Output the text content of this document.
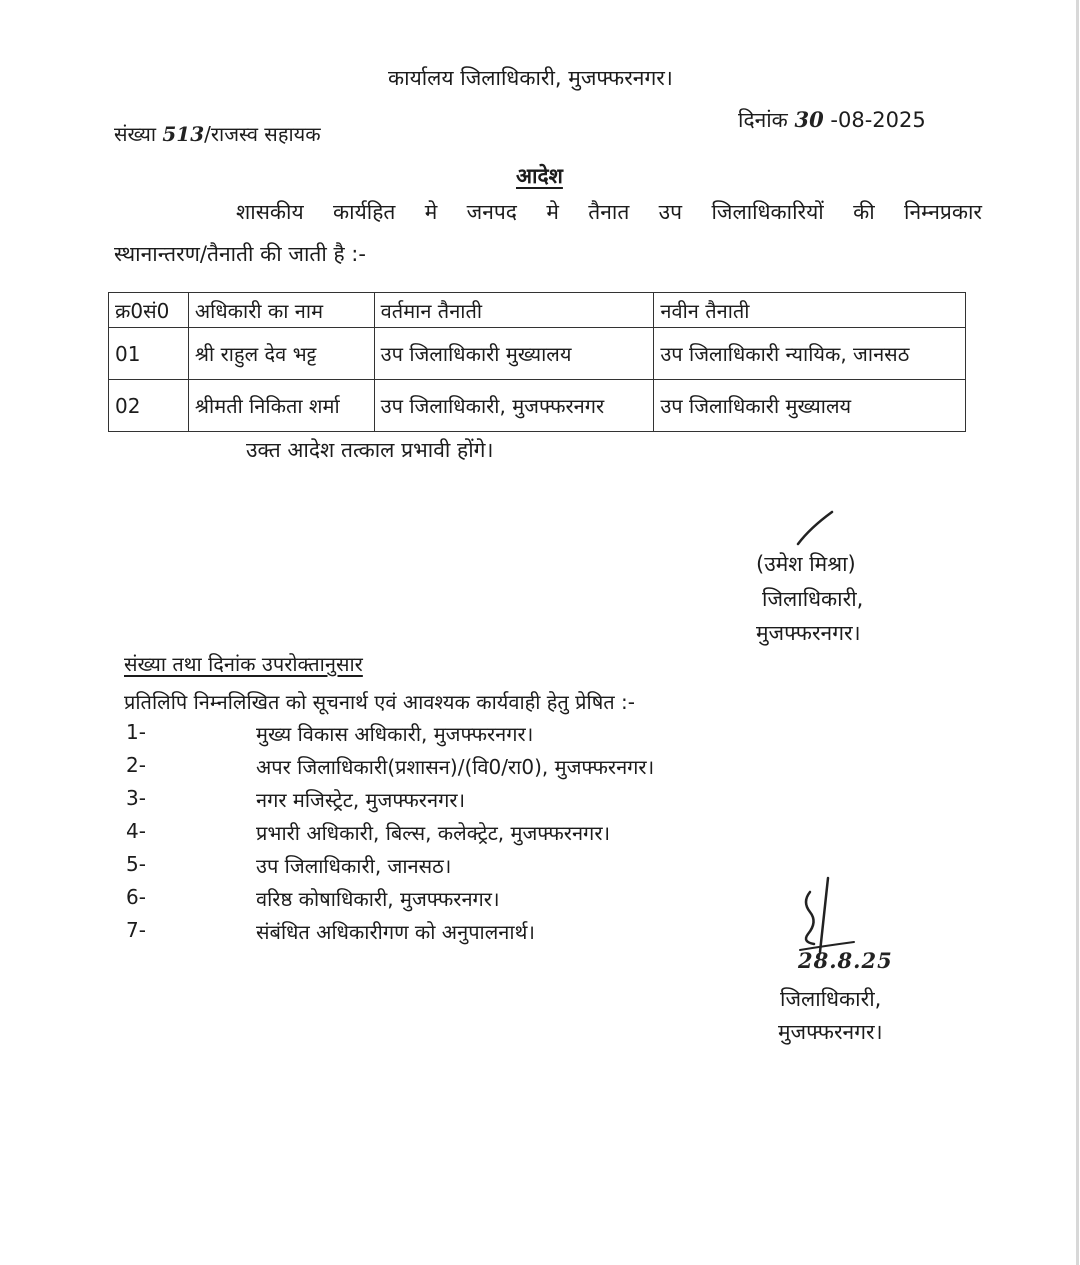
कार्यालय जिलाधिकारी, मुजफ्फरनगर।
संख्या 513/राजस्व सहायक
दिनांक 30 -08-2025
आदेश
शासकीय कार्यहित मे जनपद मे तैनात उप जिलाधिकारियों की निम्नप्रकार
स्थानान्तरण/तैनाती की जाती है :-
क्र0सं0	अधिकारी का नाम	वर्तमान तैनाती	नवीन तैनाती
01	श्री राहुल देव भट्ट	उप जिलाधिकारी मुख्यालय	उप जिलाधिकारी न्यायिक, जानसठ
02	श्रीमती निकिता शर्मा	उप जिलाधिकारी, मुजफ्फरनगर	उप जिलाधिकारी मुख्यालय
उक्त आदेश तत्काल प्रभावी होंगे।
(उमेश मिश्रा)
जिलाधिकारी,
मुजफ्फरनगर।
संख्या तथा दिनांक उपरोक्तानुसार
प्रतिलिपि निम्नलिखित को सूचनार्थ एवं आवश्यक कार्यवाही हेतु प्रेषित :-
1-	मुख्य विकास अधिकारी, मुजफ्फरनगर।
2-	अपर जिलाधिकारी(प्रशासन)/(वि0/रा0), मुजफ्फरनगर।
3-	नगर मजिस्ट्रेट, मुजफ्फरनगर।
4-	प्रभारी अधिकारी, बिल्स, कलेक्ट्रेट, मुजफ्फरनगर।
5-	उप जिलाधिकारी, जानसठ।
6-	वरिष्ठ कोषाधिकारी, मुजफ्फरनगर।
7-	संबंधित अधिकारीगण को अनुपालनार्थ।
28.8.25
जिलाधिकारी,
मुजफ्फरनगर।
